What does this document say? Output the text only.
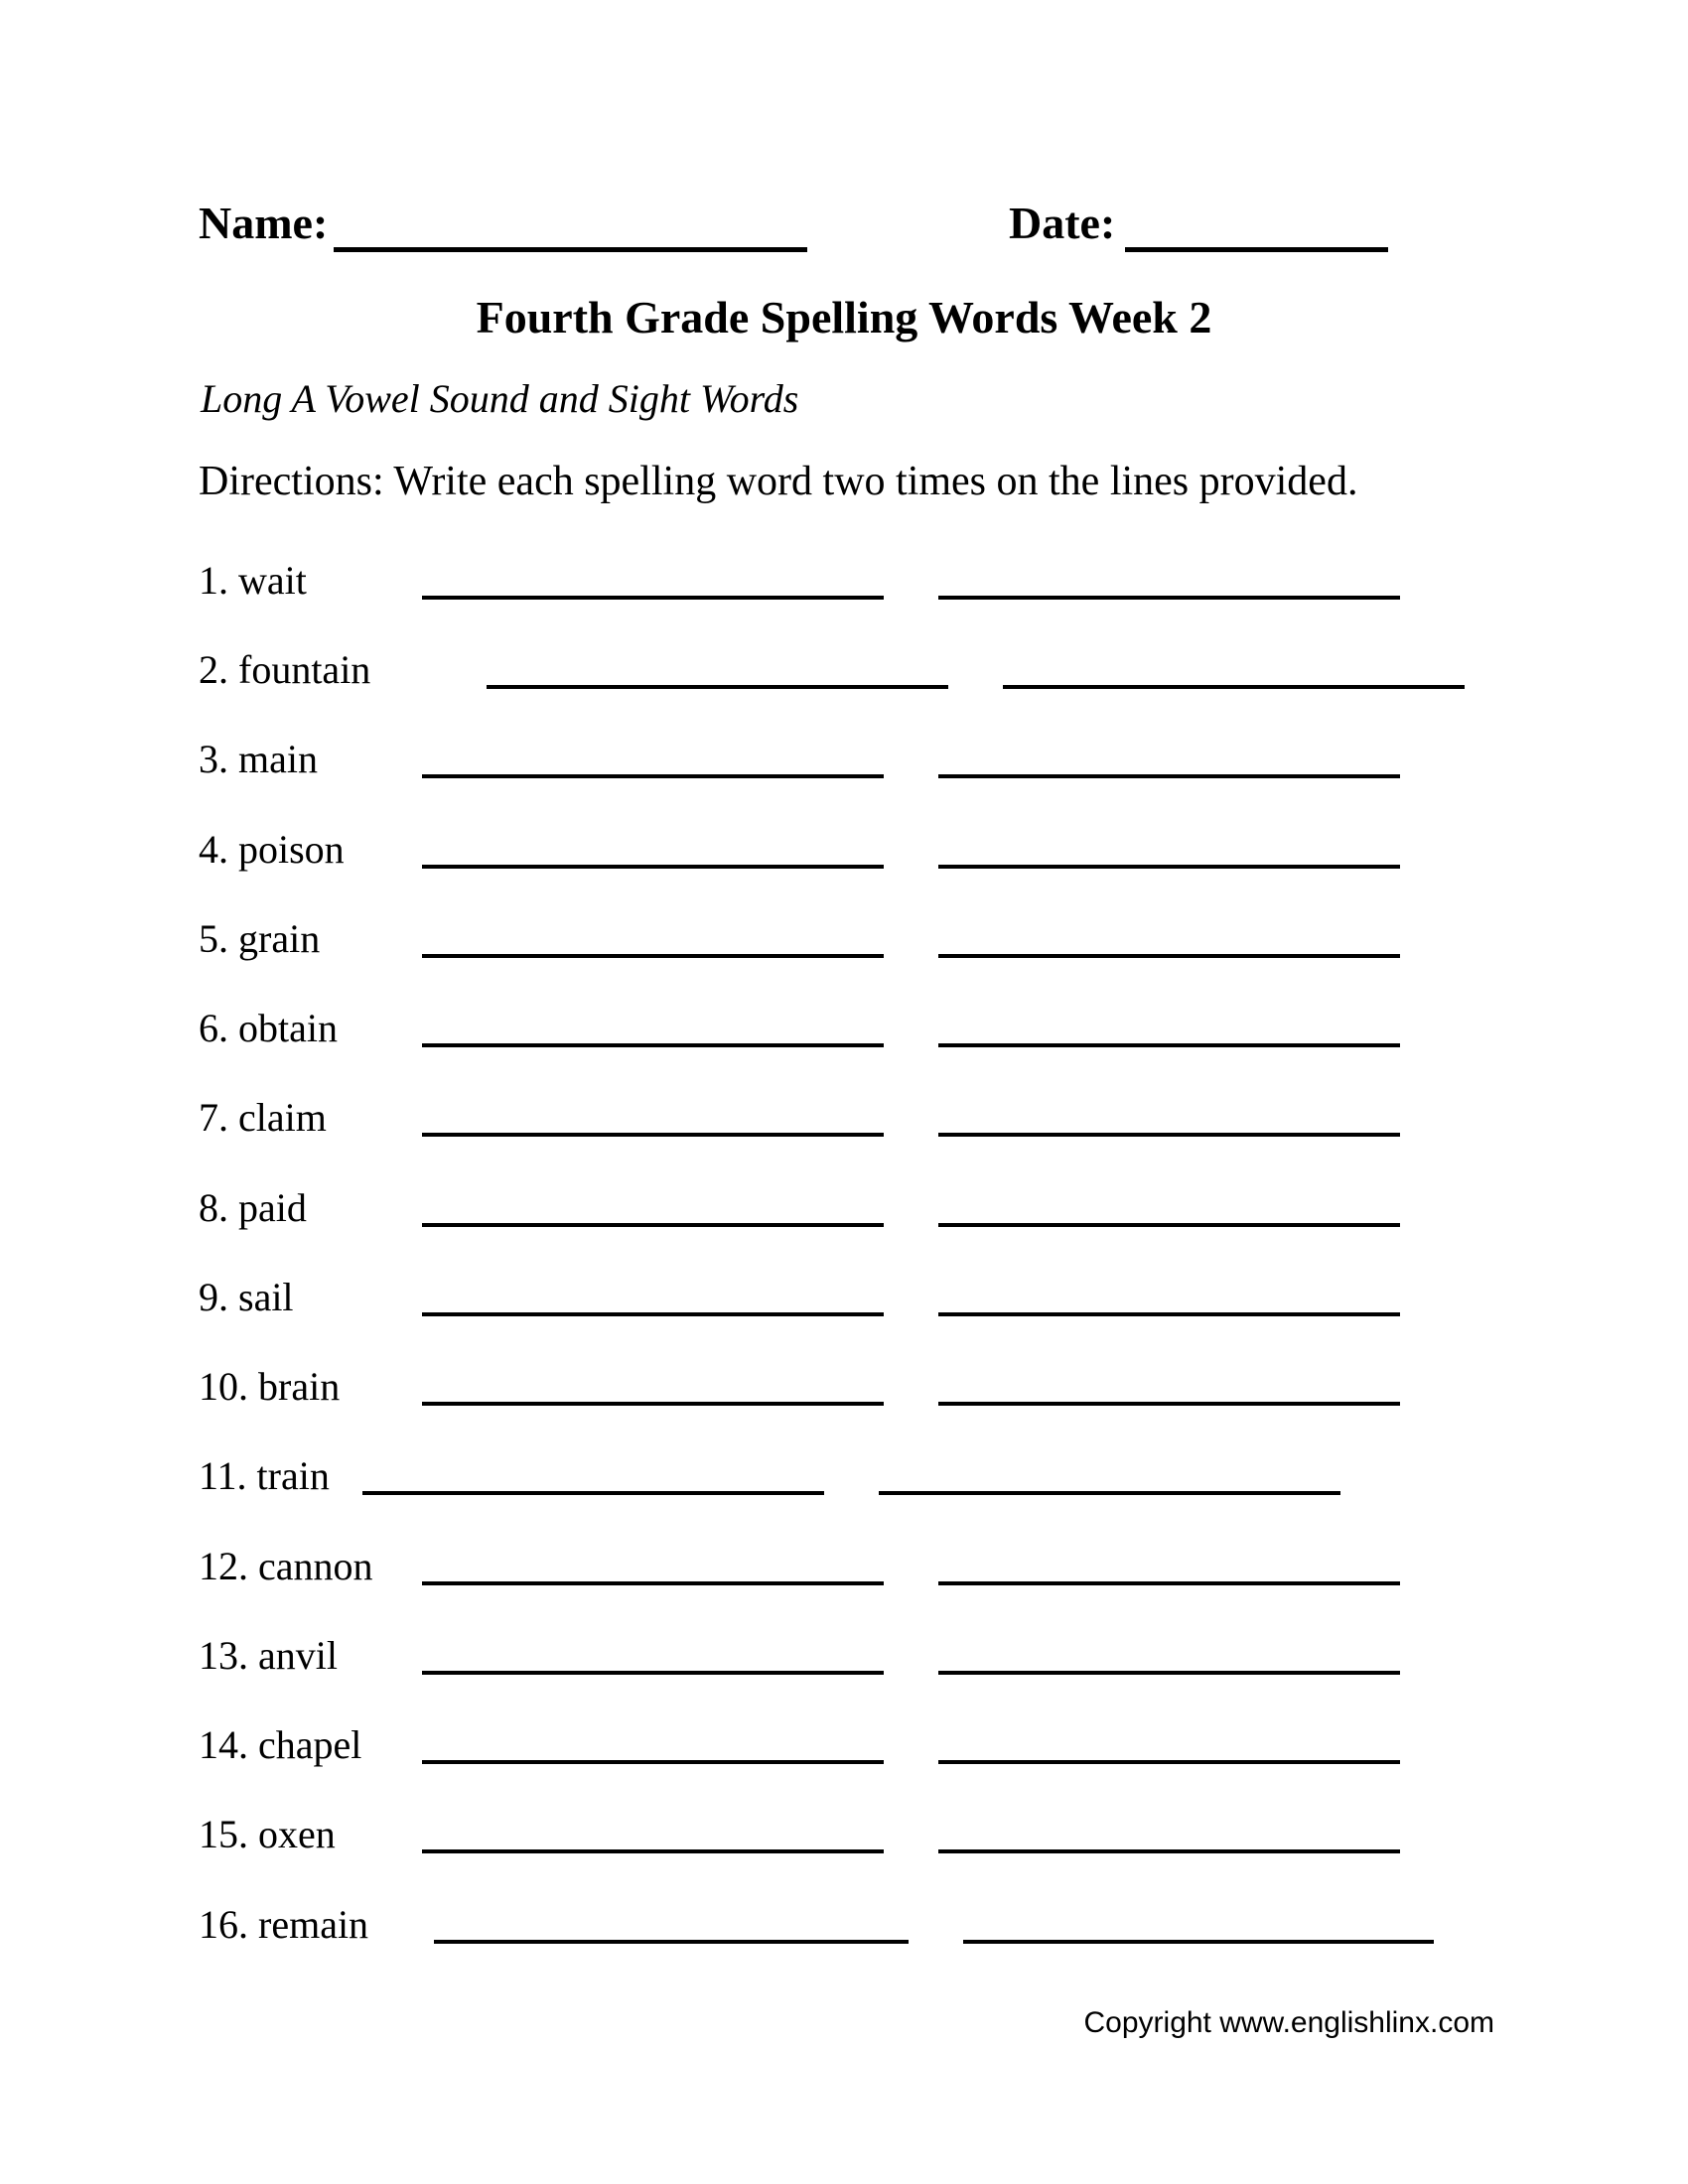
Name:	Date:
Fourth Grade Spelling Words Week 2
Long A Vowel Sound and Sight Words
Directions: Write each spelling word two times on the lines provided.
1. wait
2. fountain
3. main
4. poison
5. grain
6. obtain
7. claim
8. paid
9. sail
10. brain
11. train
12. cannon
13. anvil
14. chapel
15. oxen
16. remain
Copyright www.englishlinx.com
